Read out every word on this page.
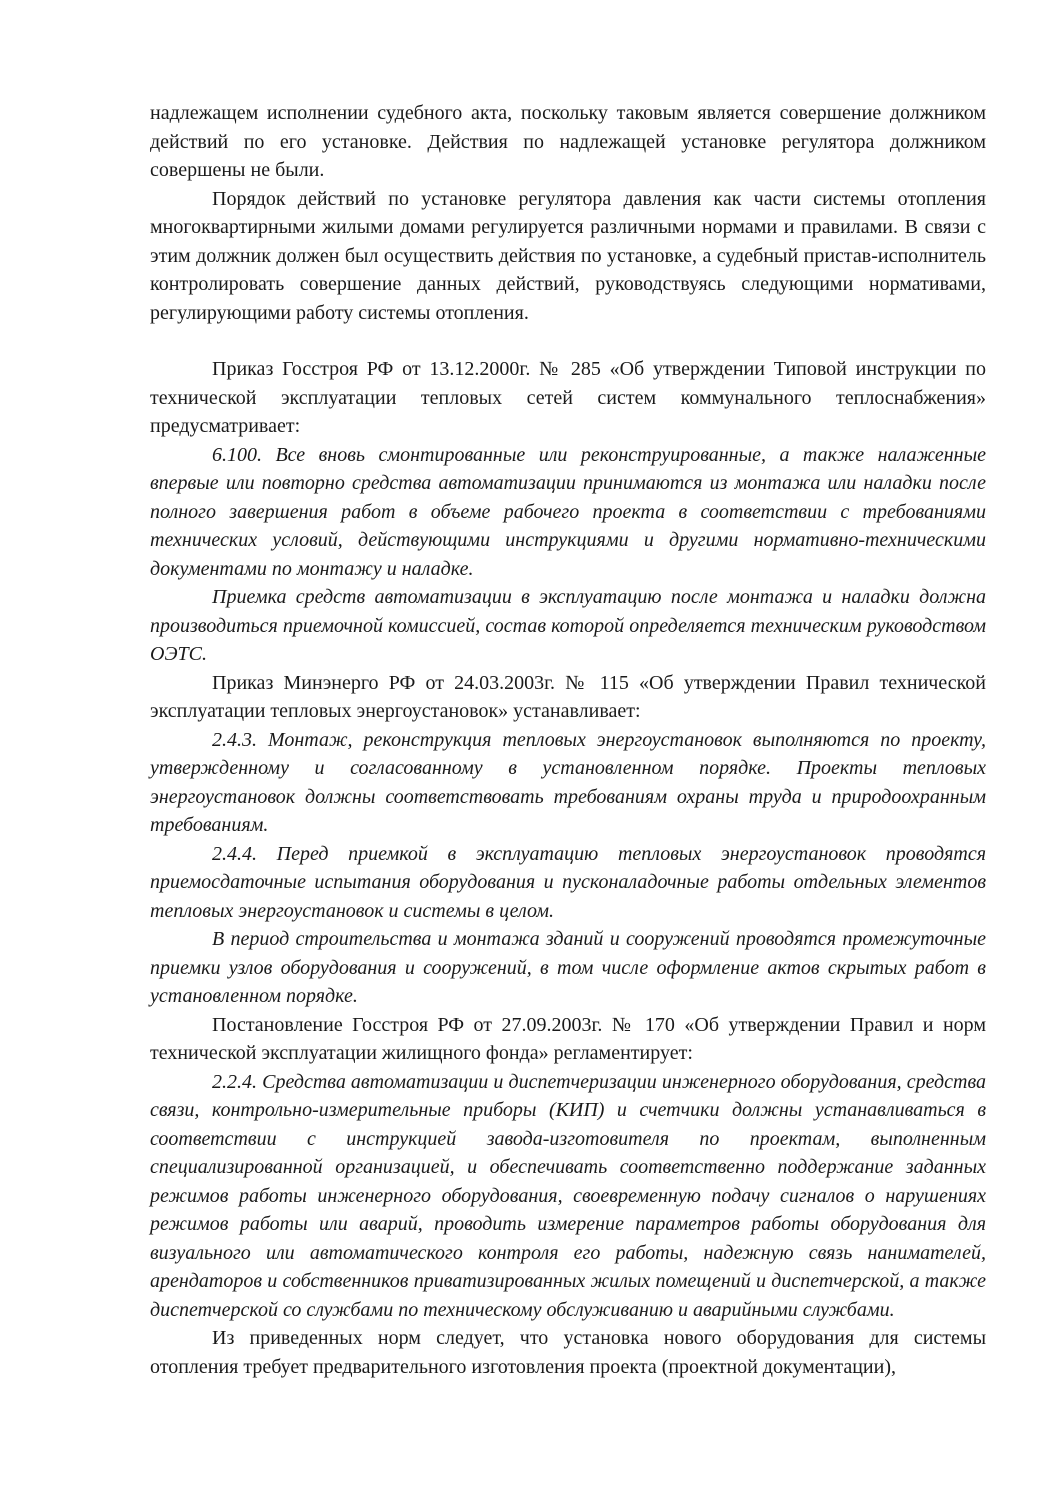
надлежащем исполнении судебного акта, поскольку таковым является совершение должником действий по его установке. Действия по надлежащей установке регулятора должником совершены не были.

Порядок действий по установке регулятора давления как части системы отопления многоквартирными жилыми домами регулируется различными нормами и правилами. В связи с этим должник должен был осуществить действия по установке, а судебный пристав-исполнитель контролировать совершение данных действий, руководствуясь следующими нормативами, регулирующими работу системы отопления.

Приказ Госстроя РФ от 13.12.2000г. № 285 «Об утверждении Типовой инструкции по технической эксплуатации тепловых сетей систем коммунального теплоснабжения» предусматривает:

6.100. Все вновь смонтированные или реконструированные, а также налаженные впервые или повторно средства автоматизации принимаются из монтажа или наладки после полного завершения работ в объеме рабочего проекта в соответствии с требованиями технических условий, действующими инструкциями и другими нормативно-техническими документами по монтажу и наладке.

Приемка средств автоматизации в эксплуатацию после монтажа и наладки должна производиться приемочной комиссией, состав которой определяется техническим руководством ОЭТС.

Приказ Минэнерго РФ от 24.03.2003г. № 115 «Об утверждении Правил технической эксплуатации тепловых энергоустановок» устанавливает:

2.4.3. Монтаж, реконструкция тепловых энергоустановок выполняются по проекту, утвержденному и согласованному в установленном порядке. Проекты тепловых энергоустановок должны соответствовать требованиям охраны труда и природоохранным требованиям.

2.4.4. Перед приемкой в эксплуатацию тепловых энергоустановок проводятся приемосдаточные испытания оборудования и пусконаладочные работы отдельных элементов тепловых энергоустановок и системы в целом.

В период строительства и монтажа зданий и сооружений проводятся промежуточные приемки узлов оборудования и сооружений, в том числе оформление актов скрытых работ в установленном порядке.

Постановление Госстроя РФ от 27.09.2003г. № 170 «Об утверждении Правил и норм технической эксплуатации жилищного фонда» регламентирует:

2.2.4. Средства автоматизации и диспетчеризации инженерного оборудования, средства связи, контрольно-измерительные приборы (КИП) и счетчики должны устанавливаться в соответствии с инструкцией завода-изготовителя по проектам, выполненным специализированной организацией, и обеспечивать соответственно поддержание заданных режимов работы инженерного оборудования, своевременную подачу сигналов о нарушениях режимов работы или аварий, проводить измерение параметров работы оборудования для визуального или автоматического контроля его работы, надежную связь нанимателей, арендаторов и собственников приватизированных жилых помещений и диспетчерской, а также диспетчерской со службами по техническому обслуживанию и аварийными службами.

Из приведенных норм следует, что установка нового оборудования для системы отопления требует предварительного изготовления проекта (проектной документации),
